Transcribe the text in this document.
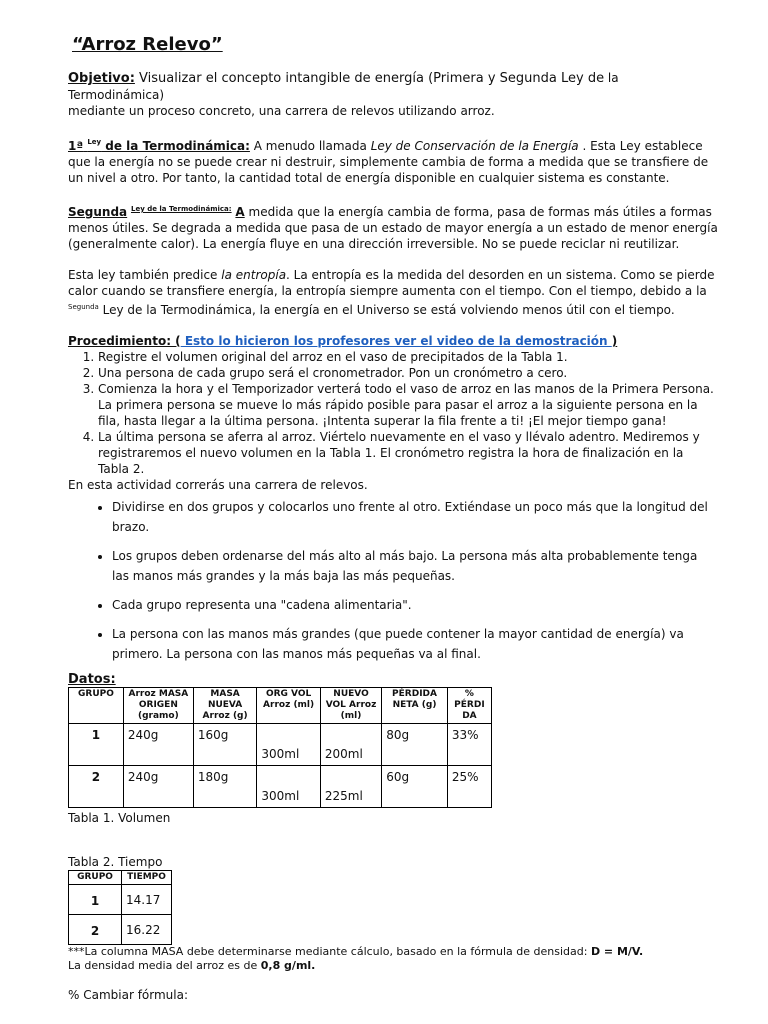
“Arroz Relevo”

Objetivo: Visualizar el concepto intangible de energía (Primera y Segunda Ley de la Termodinámica)
mediante un proceso concreto, una carrera de relevos utilizando arroz.

1ª $^{Ley}$ de la Termodinámica: A menudo llamada Ley de Conservación de la Energía . Esta Ley establece que la energía no se puede crear ni destruir, simplemente cambia de forma a medida que se transfiere de un nivel a otro. Por tanto, la cantidad total de energía disponible en cualquier sistema es constante.

Segunda $^{Ley de la Termodinámica:}$ A medida que la energía cambia de forma, pasa de formas más útiles a formas menos útiles. Se degrada a medida que pasa de un estado de mayor energía a un estado de menor energía (generalmente calor). La energía fluye en una dirección irreversible. No se puede reciclar ni reutilizar.

Esta ley también predice la entropía. La entropía es la medida del desorden en un sistema. Como se pierde calor cuando se transfiere energía, la entropía siempre aumenta con el tiempo. Con el tiempo, debido a la $^{Segunda}$ Ley de la Termodinámica, la energía en el Universo se está volviendo menos útil con el tiempo.

Procedimiento: ( Esto lo hicieron los profesores ver el video de la demostración )

1. Registre el volumen original del arroz en el vaso de precipitados de la Tabla 1.
2. Una persona de cada grupo será el cronometrador. Pon un cronómetro a cero.
3. Comienza la hora y el Temporizador verterá todo el vaso de arroz en las manos de la Primera Persona. La primera persona se mueve lo más rápido posible para pasar el arroz a la siguiente persona en la fila, hasta llegar a la última persona. ¡Intenta superar la fila frente a ti! ¡El mejor tiempo gana!
4. La última persona se aferra al arroz. Viértelo nuevamente en el vaso y llévalo adentro. Mediremos y registraremos el nuevo volumen en la Tabla 1. El cronómetro registra la hora de finalización en la Tabla 2.

En esta actividad correrás una carrera de relevos.

• Dividirse en dos grupos y colocarlos uno frente al otro. Extiéndase un poco más que la longitud del brazo.
• Los grupos deben ordenarse del más alto al más bajo. La persona más alta probablemente tenga las manos más grandes y la más baja las más pequeñas.
• Cada grupo representa una "cadena alimentaria".
• La persona con las manos más grandes (que puede contener la mayor cantidad de energía) va primero. La persona con las manos más pequeñas va al final.
Datos:
GRUPO	Arroz MASA ORIGEN (gramo)	MASA NUEVA Arroz (g)	ORG VOL Arroz (ml)	NUEVO VOL Arroz (ml)	PÉRDIDA NETA (g)	% PÉRDI DA
1	240g	160g	300ml	200ml	80g	33%
2	240g	180g	300ml	225ml	60g	25%
Tabla 1. Volumen
Tabla 2. Tiempo
GRUPO	TIEMPO
1	14.17
2	16.22

***La columna MASA debe determinarse mediante cálculo, basado en la fórmula de densidad: D = M/V.
La densidad media del arroz es de 0,8 g/ml.

% Cambiar fórmula:
